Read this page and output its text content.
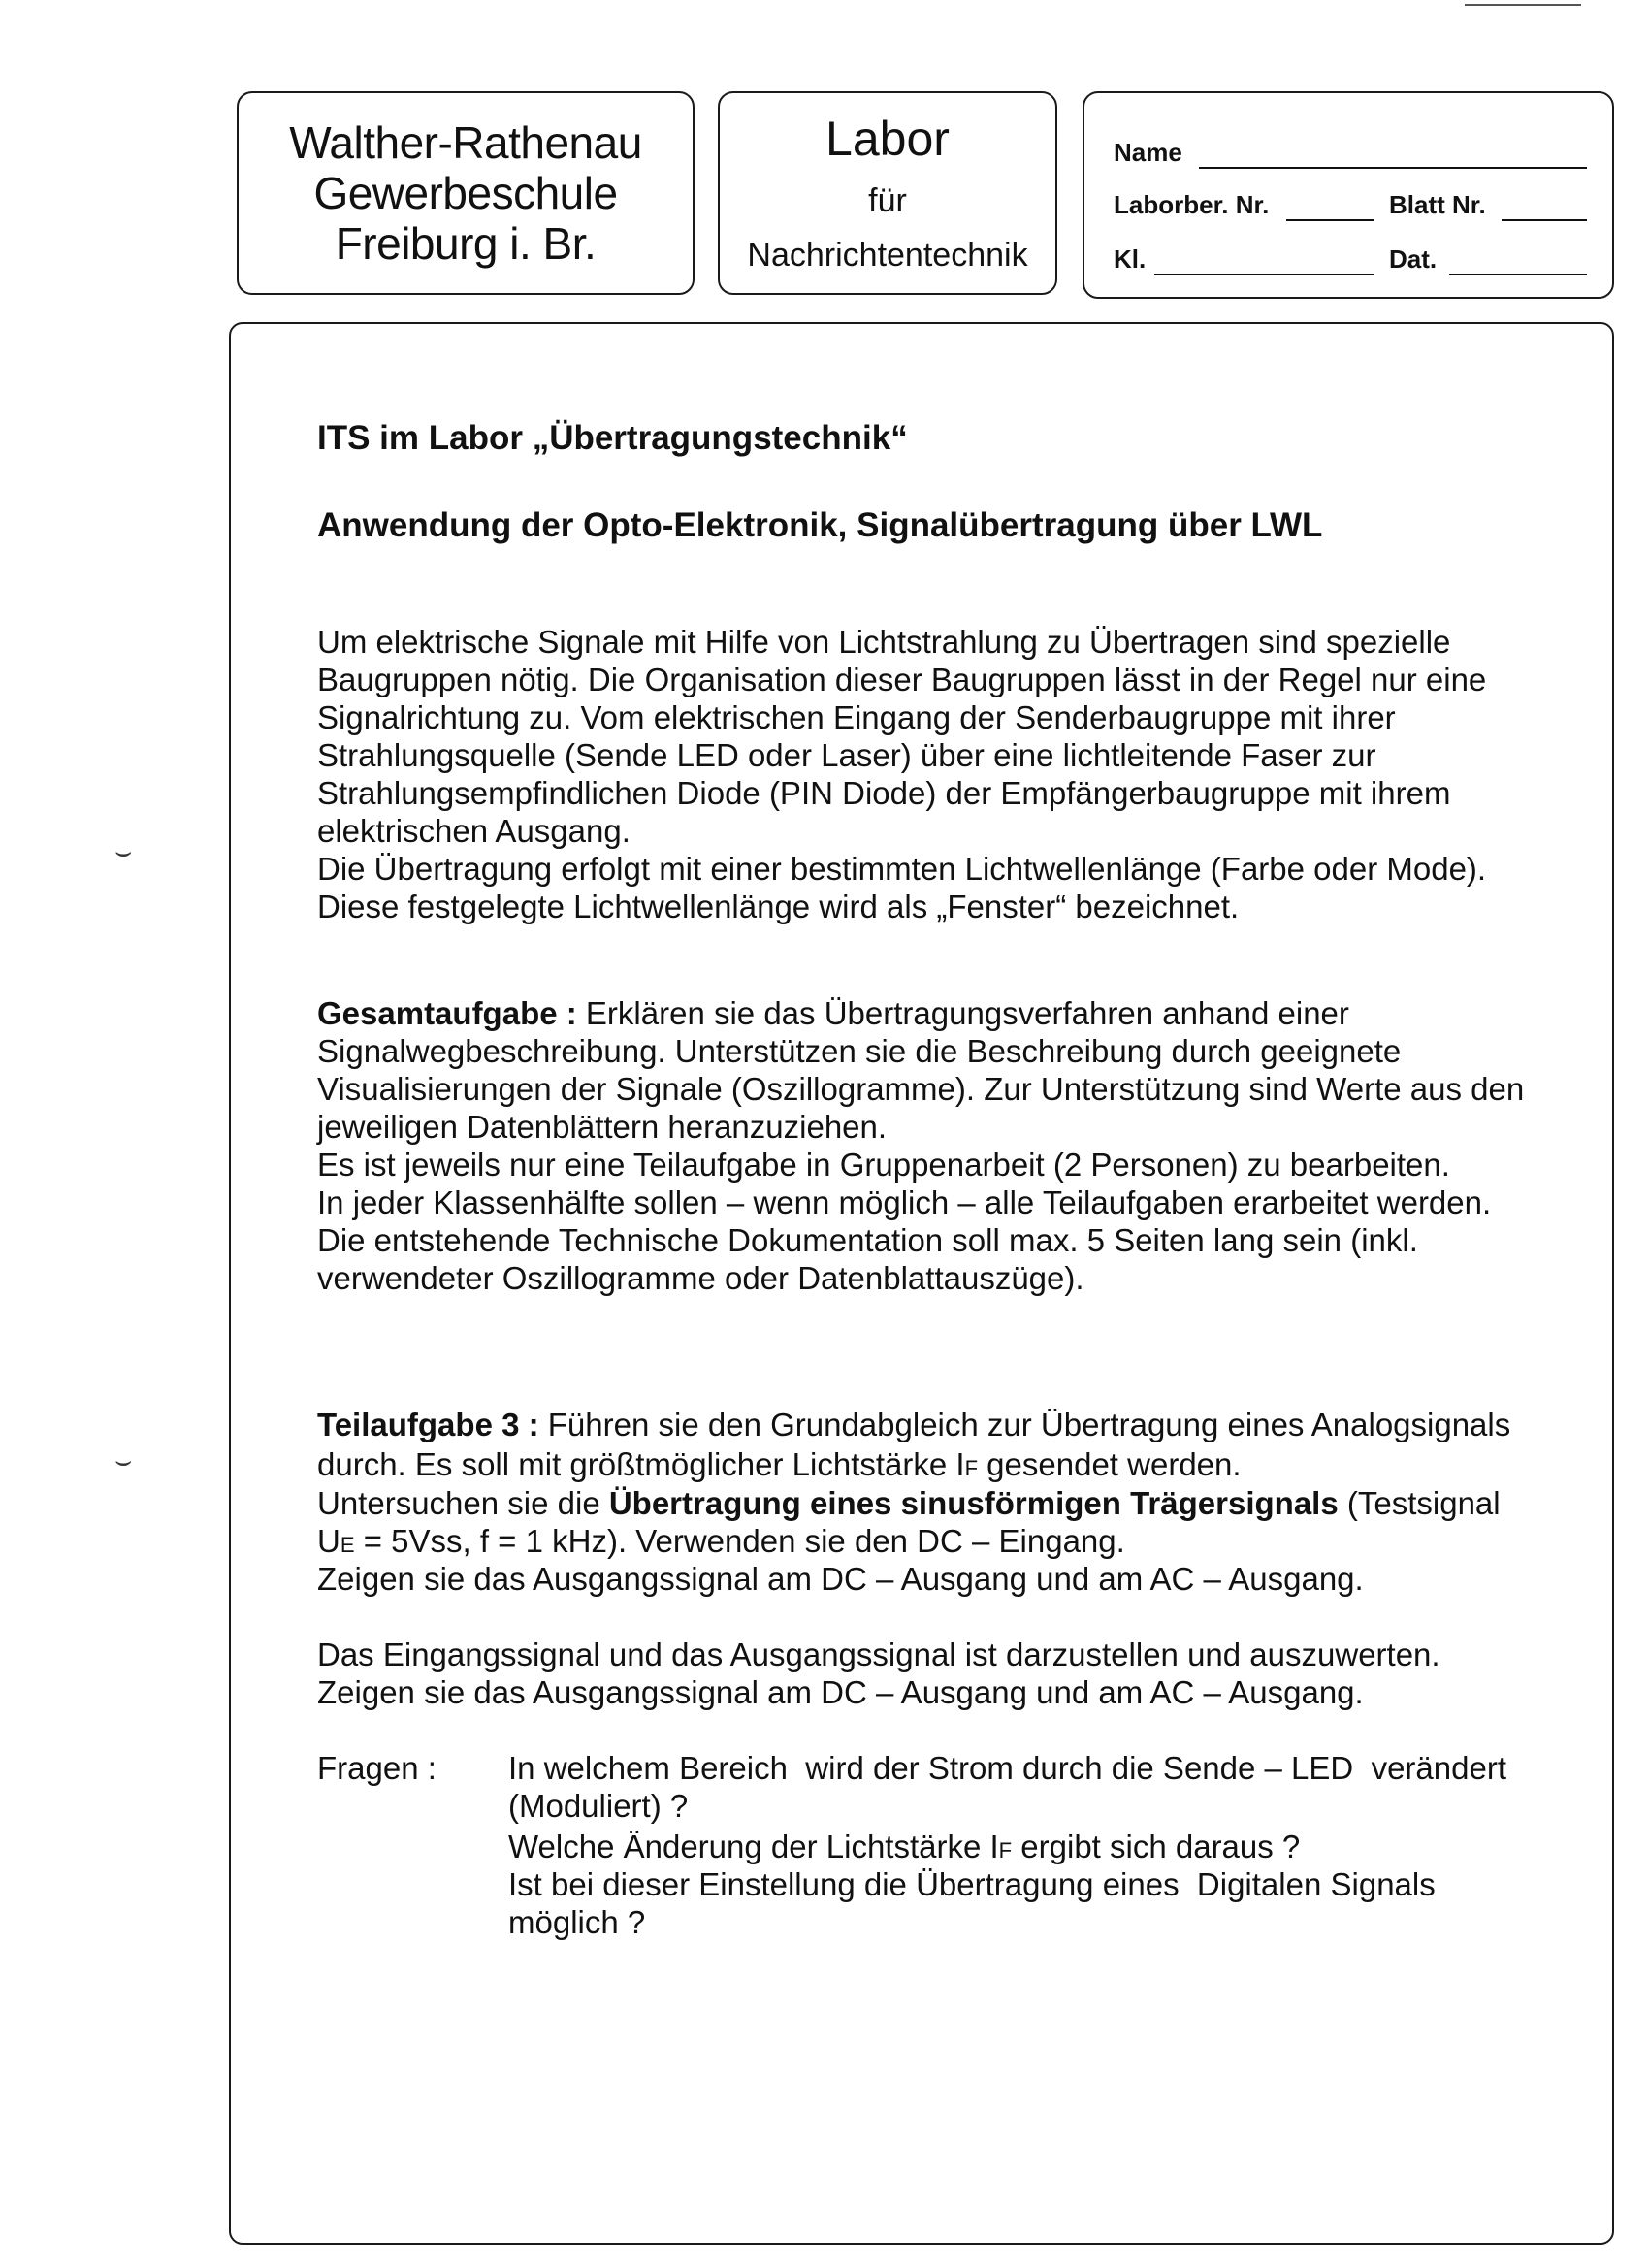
Walther-Rathenau
Gewerbeschule
Freiburg i. Br.
Labor
für
Nachrichtentechnik
Name
Laborber. Nr.	Blatt Nr.
Kl.	Dat.
ITS im Labor „Übertragungstechnik“
Anwendung der Opto-Elektronik, Signalübertragung über LWL
Um elektrische Signale mit Hilfe von Lichtstrahlung zu Übertragen sind spezielle
Baugruppen nötig. Die Organisation dieser Baugruppen lässt in der Regel nur eine
Signalrichtung zu. Vom elektrischen Eingang der Senderbaugruppe mit ihrer
Strahlungsquelle (Sende LED oder Laser) über eine lichtleitende Faser zur
Strahlungsempfindlichen Diode (PIN Diode) der Empfängerbaugruppe mit ihrem
elektrischen Ausgang.
Die Übertragung erfolgt mit einer bestimmten Lichtwellenlänge (Farbe oder Mode).
Diese festgelegte Lichtwellenlänge wird als „Fenster“ bezeichnet.
Gesamtaufgabe : Erklären sie das Übertragungsverfahren anhand einer
Signalwegbeschreibung. Unterstützen sie die Beschreibung durch geeignete
Visualisierungen der Signale (Oszillogramme). Zur Unterstützung sind Werte aus den
jeweiligen Datenblättern heranzuziehen.
Es ist jeweils nur eine Teilaufgabe in Gruppenarbeit (2 Personen) zu bearbeiten.
In jeder Klassenhälfte sollen – wenn möglich – alle Teilaufgaben erarbeitet werden.
Die entstehende Technische Dokumentation soll max. 5 Seiten lang sein (inkl.
verwendeter Oszillogramme oder Datenblattauszüge).
Teilaufgabe 3 : Führen sie den Grundabgleich zur Übertragung eines Analogsignals
durch. Es soll mit größtmöglicher Lichtstärke IF gesendet werden.
Untersuchen sie die Übertragung eines sinusförmigen Trägersignals (Testsignal
UE = 5Vss, f = 1 kHz). Verwenden sie den DC – Eingang.
Zeigen sie das Ausgangssignal am DC – Ausgang und am AC – Ausgang.
Das Eingangssignal und das Ausgangssignal ist darzustellen und auszuwerten.
Zeigen sie das Ausgangssignal am DC – Ausgang und am AC – Ausgang.
Fragen : In welchem Bereich  wird der Strom durch die Sende – LED  verändert
(Moduliert) ?
Welche Änderung der Lichtstärke IF ergibt sich daraus ?
Ist bei dieser Einstellung die Übertragung eines  Digitalen Signals
möglich ?
⌣
⌣
